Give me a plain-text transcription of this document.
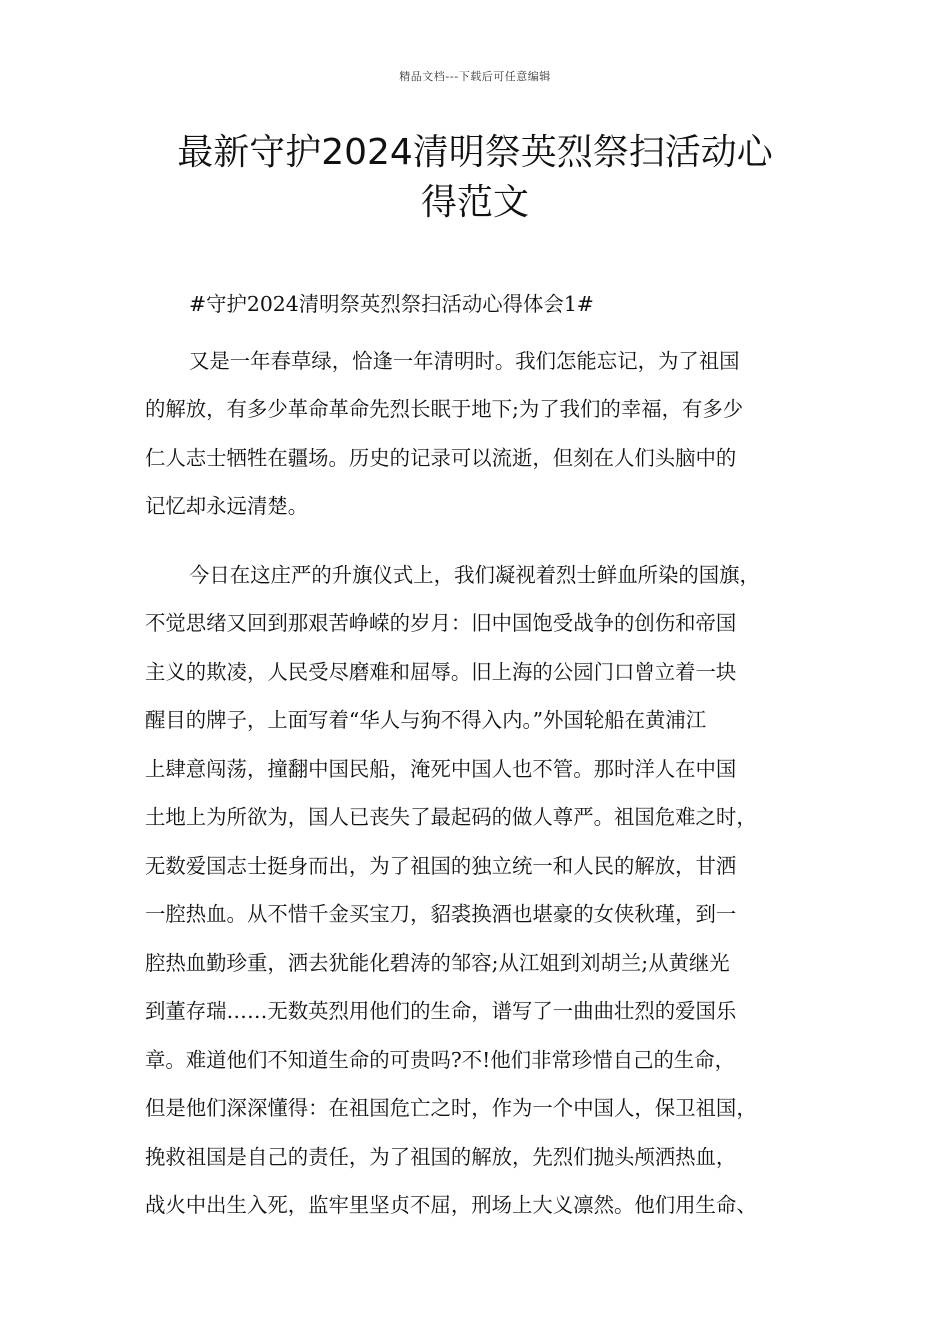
精品文档---下载后可任意编辑
最新守护2024清明祭英烈祭扫活动心
得范文
#守护2024清明祭英烈祭扫活动心得体会1#
又是一年春草绿，恰逢一年清明时。我们怎能忘记，为了祖国
的解放，有多少革命革命先烈长眠于地下;为了我们的幸福，有多少
仁人志士牺牲在疆场。历史的记录可以流逝，但刻在人们头脑中的
记忆却永远清楚。
今日在这庄严的升旗仪式上，我们凝视着烈士鲜血所染的国旗，
不觉思绪又回到那艰苦峥嵘的岁月：旧中国饱受战争的创伤和帝国
主义的欺凌，人民受尽磨难和屈辱。旧上海的公园门口曾立着一块
醒目的牌子，上面写着“华人与狗不得入内。”外国轮船在黄浦江
上肆意闯荡，撞翻中国民船，淹死中国人也不管。那时洋人在中国
土地上为所欲为，国人已丧失了最起码的做人尊严。祖国危难之时，
无数爱国志士挺身而出，为了祖国的独立统一和人民的解放，甘洒
一腔热血。从不惜千金买宝刀，貂裘换酒也堪豪的女侠秋瑾，到一
腔热血勤珍重，洒去犹能化碧涛的邹容;从江姐到刘胡兰;从黄继光
到董存瑞……无数英烈用他们的生命，谱写了一曲曲壮烈的爱国乐
章。难道他们不知道生命的可贵吗?不!他们非常珍惜自己的生命，
但是他们深深懂得：在祖国危亡之时，作为一个中国人，保卫祖国，
挽救祖国是自己的责任，为了祖国的解放，先烈们抛头颅洒热血，
战火中出生入死，监牢里坚贞不屈，刑场上大义凛然。他们用生命、
